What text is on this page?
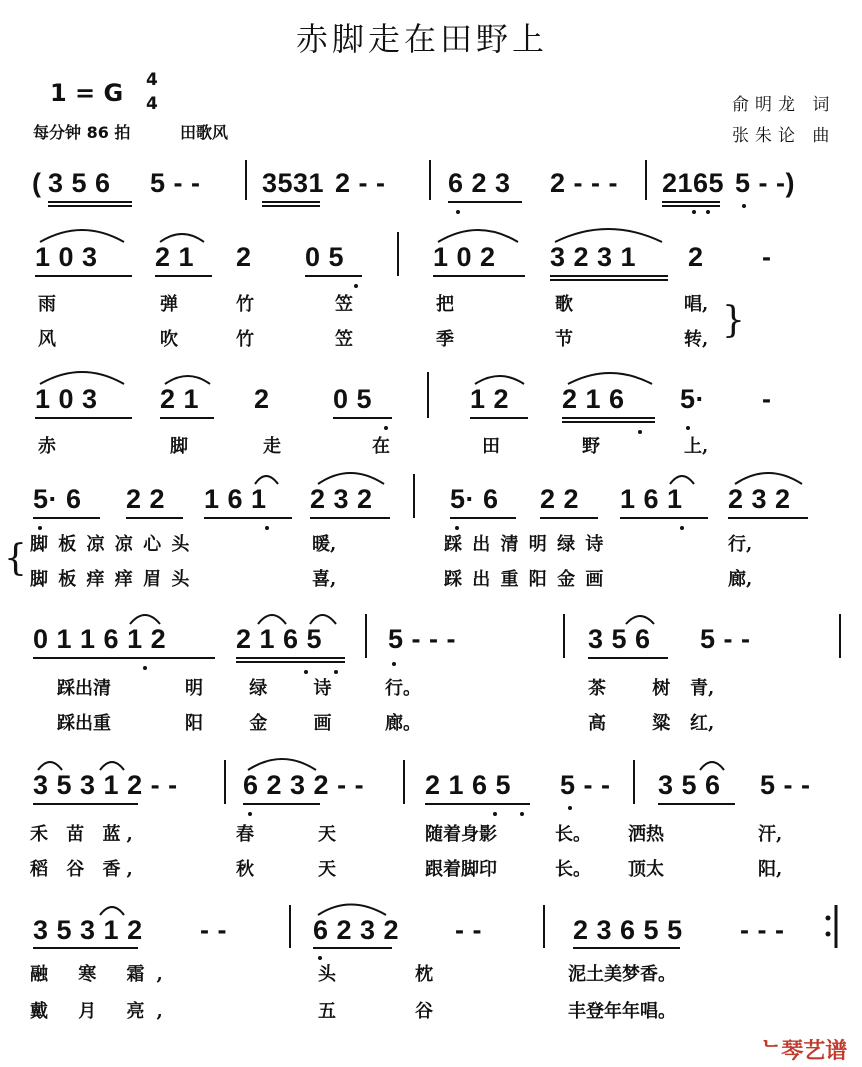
赤脚走在田野上
1 = G 4
4
每分钟 86 拍	田歌风
俞明龙 词
张朱论 曲
( 3 5 6 5 - - 3531 2 - - 6 2 3 2 - - - 2165 5 - -)
1 0 3 2 1 2 0 5	1 0 2 3 2 3 1 2 -
雨	弹	竹	笠	把	歌	唱,
风	吹	竹	笠	季	节	转, }
1 0 3 2 1 2 0 5	1 2 2 1 6 5· -
赤	脚	走	在	田	野	上,
5· 6 2 2 1 6 1 2 3 2	5· 6 2 2 1 6 1 2 3 2
{ 脚 板 凉 凉 心 头	暖,	踩 出 清 明 绿 诗	行,
脚 板 痒 痒 眉 头	喜,	踩 出 重 阳 金 画	廊,
0 1 1 6 1 2	2 1 6 5 5 - - -	3 5 6 5 - -
踩出清	明 绿 诗 行。	茶 树 青,
踩出重	阳 金 画 廊。	高 粱 红,
3 5 3 1 2 - - 6 2 3 2 - - 2 1 6 5 5 - - 3 5 6 5 - -
禾 苗 蓝,	春	天	随着身影	长。 洒热	汗,
稻 谷 香,	秋	天	跟着脚印	长。 顶太	阳,
3 5 3 1 2 - -	6 2 3 2 - -	2 3 6 5 5 - - -
融 寒 霜,	头	枕	泥土美梦香。
戴 月 亮,	五	谷	丰登年年唱。
ᄂ琴艺谱
